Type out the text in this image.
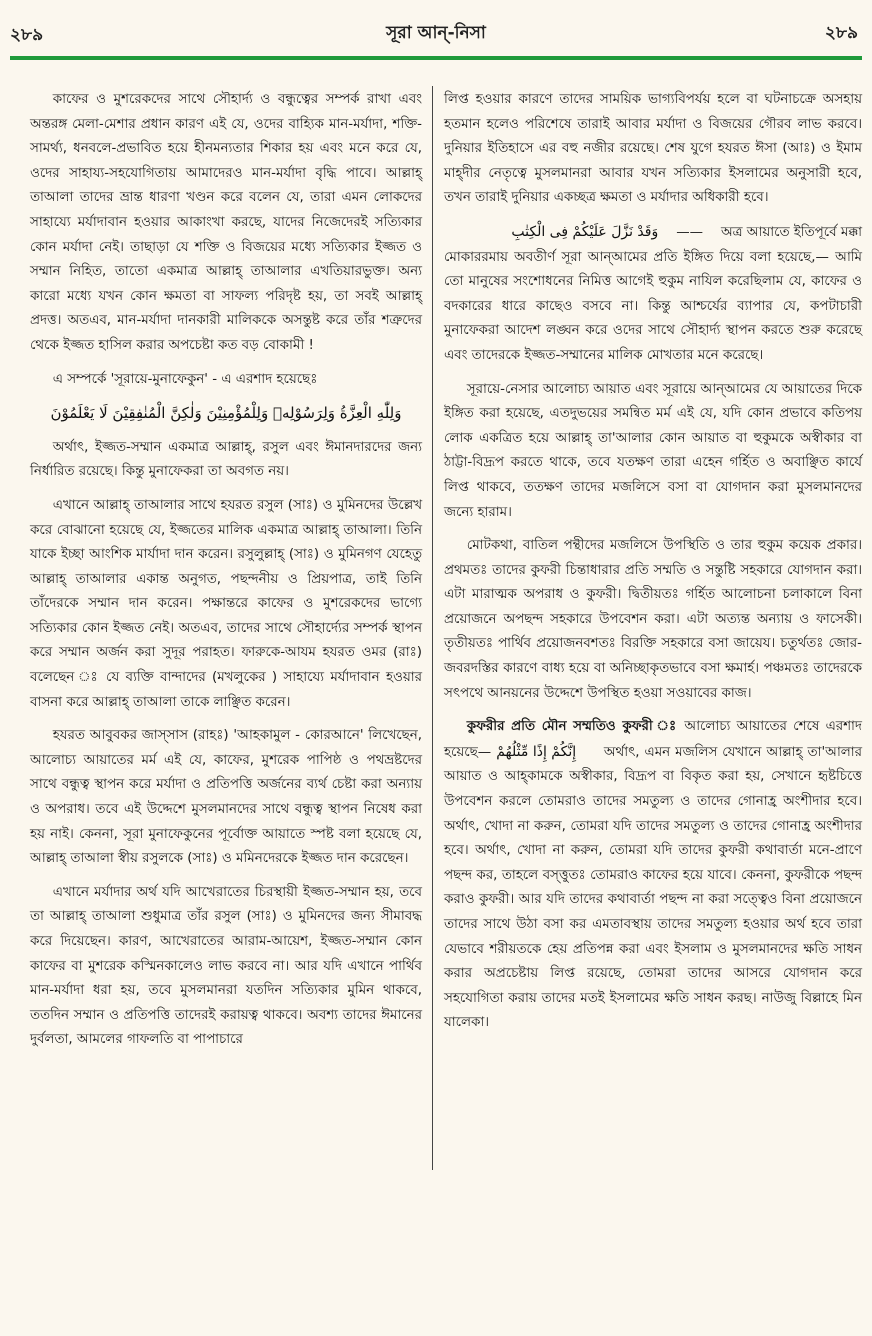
২৮৯	সূরা আন্-নিসা	২৮৯

কাফের ও মুশরেকদের সাথে সৌহার্দ্য ও বন্ধুত্বের সম্পর্ক রাখা এবং অন্তরঙ্গ মেলা-মেশার প্রধান কারণ এই যে, ওদের বাহ্যিক মান-মর্যাদা, শক্তি-সামর্থ্য, ধনবলে-প্রভাবিত হয়ে হীনমন্যতার শিকার হয় এবং মনে করে যে, ওদের সাহায্য-সহযোগিতায় আমাদেরও মান-মর্যাদা বৃদ্ধি পাবে। আল্লাহ্ তাআলা তাদের ভ্রান্ত ধারণা খণ্ডন করে বলেন যে, তারা এমন লোকদের সাহায্যে মর্যাদাবান হওয়ার আকাংখা করছে, যাদের নিজেদেরই সত্যিকার কোন মর্যাদা নেই। তাছাড়া যে শক্তি ও বিজয়ের মধ্যে সত্যিকার ইজ্জত ও সম্মান নিহিত, তাতো একমাত্র আল্লাহ্ তাআলার এখতিয়ারভুক্ত। অন্য কারো মধ্যে যখন কোন ক্ষমতা বা সাফল্য পরিদৃষ্ট হয়, তা সবই আল্লাহ্ প্রদত্ত। অতএব, মান-মর্যাদা দানকারী মালিককে অসন্তুষ্ট করে তাঁর শত্রুদের থেকে ইজ্জত হাসিল করার অপচেষ্টা কত বড় বোকামী !

এ সম্পর্কে 'সূরায়ে-মুনাফেকুন' - এ এরশাদ হয়েছেঃ

وَلِلّٰهِ الْعِزَّةُ وَلِرَسُوْلِهٖ وَلِلْمُؤْمِنِيْنَ وَلٰكِنَّ الْمُنٰفِقِيْنَ لَا يَعْلَمُوْنَ

অর্থাৎ, ইজ্জত-সম্মান একমাত্র আল্লাহ্, রসুল এবং ঈমানদারদের জন্য নির্ধারিত রয়েছে। কিন্তু মুনাফেকরা তা অবগত নয়।

এখানে আল্লাহ্ তাআলার সাথে হযরত রসুল (সাঃ) ও মুমিনদের উল্লেখ করে বোঝানো হয়েছে যে, ইজ্জতের মালিক একমাত্র আল্লাহ্ তাআলা। তিনি যাকে ইচ্ছা আংশিক মার্যাদা দান করেন। রসুলুল্লাহ্ (সাঃ) ও মুমিনগণ যেহেতু আল্লাহ্ তাআলার একান্ত অনুগত, পছন্দনীয় ও প্রিয়পাত্র, তাই তিনি তাঁদেরকে সম্মান দান করেন। পক্ষান্তরে কাফের ও মুশরেকদের ভাগ্যে সত্যিকার কোন ইজ্জত নেই। অতএব, তাদের সাথে সৌহার্দ্যের সম্পর্ক স্থাপন করে সম্মান অর্জন করা সুদূর পরাহত। ফারুকে-আযম হযরত ওমর (রাঃ) বলেছেন ঃ যে ব্যক্তি বান্দাদের (মখলুকের ) সাহায্যে মর্যাদাবান হওয়ার বাসনা করে আল্লাহ্ তাআলা তাকে লাঞ্ছিত করেন।

হযরত আবুবকর জাস্সাস (রাহঃ) 'আহকামুল - কোরআনে' লিখেছেন, আলোচ্য আয়াতের মর্ম এই যে, কাফের, মুশরেক পাপিষ্ঠ ও পথভ্রষ্টদের সাথে বন্ধুত্ব স্থাপন করে মর্যাদা ও প্রতিপত্তি অর্জনের ব্যর্থ চেষ্টা করা অন্যায় ও অপরাধ। তবে এই উদ্দেশে মুসলমানদের সাথে বন্ধুত্ব স্থাপন নিষেধ করা হয় নাই। কেননা, সূরা মুনাফেকুনের পূর্বোক্ত আয়াতে স্পষ্ট বলা হয়েছে যে, আল্লাহ্ তাআলা স্বীয় রসুলকে (সাঃ) ও মমিনদেরকে ইজ্জত দান করেছেন।

এখানে মর্যাদার অর্থ যদি আখেরাতের চিরস্থায়ী ইজ্জত-সম্মান হয়, তবে তা আল্লাহ্ তাআলা শুধুমাত্র তাঁর রসুল (সাঃ) ও মুমিনদের জন্য সীমাবদ্ধ করে দিয়েছেন। কারণ, আখেরাতের আরাম-আয়েশ, ইজ্জত-সম্মান কোন কাফের বা মুশরেক কস্মিনকালেও লাভ করবে না। আর যদি এখানে পার্থিব মান-মর্যাদা ধরা হয়, তবে মুসলমানরা যতদিন সত্যিকার মুমিন থাকবে, ততদিন সম্মান ও প্রতিপত্তি তাদেরই করায়ত্ব থাকবে। অবশ্য তাদের ঈমানের দুর্বলতা, আমলের গাফলতি বা পাপাচারে

লিপ্ত হওয়ার কারণে তাদের সাময়িক ভাগ্যবিপর্যয় হলে বা ঘটনাচক্রে অসহায় হতমান হলেও পরিশেষে তারাই আবার মর্যাদা ও বিজয়ের গৌরব লাভ করবে। দুনিয়ার ইতিহাসে এর বহু নজীর রয়েছে। শেষ যুগে হযরত ঈসা (আঃ) ও ইমাম মাহ্দীর নেতৃত্বে মুসলমানরা আবার যখন সত্যিকার ইসলামের অনুসারী হবে, তখন তারাই দুনিয়ার একচ্ছত্র ক্ষমতা ও মর্যাদার অধিকারী হবে।

وَقَدْ نَزَّلَ عَلَيْكُمْ فِى الْكِتٰبِ —— অত্র আয়াতে ইতিপূর্বে মক্কা

মোকাররমায় অবতীর্ণ সূরা আন্আমের প্রতি ইঙ্গিত দিয়ে বলা হয়েছে,— আমি তো মানুষের সংশোধনের নিমিত্ত আগেই হুকুম নাযিল করেছিলাম যে, কাফের ও বদকারের ধারে কাছেও বসবে না। কিন্তু আশ্চর্যের ব্যাপার যে, কপটাচারী মুনাফেকরা আদেশ লঙ্ঘন করে ওদের সাথে সৌহার্দ্য স্থাপন করতে শুরু করেছে এবং তাদেরকে ইজ্জত-সম্মানের মালিক মোখতার মনে করেছে।

সূরায়ে-নেসার আলোচ্য আয়াত এবং সূরায়ে আন্আমের যে আয়াতের দিকে ইঙ্গিত করা হয়েছে, এতদুভয়ের সমন্বিত মর্ম এই যে, যদি কোন প্রভাবে কতিপয় লোক একত্রিত হয়ে আল্লাহ্ তা'আলার কোন আয়াত বা হুকুমকে অস্বীকার বা ঠাট্টা-বিদ্রূপ করতে থাকে, তবে যতক্ষণ তারা এহেন গর্হিত ও অবাঞ্ছিত কার্যে লিপ্ত থাকবে, ততক্ষণ তাদের মজলিসে বসা বা যোগদান করা মুসলমানদের জন্যে হারাম।

মোটকথা, বাতিল পন্থীদের মজলিসে উপস্থিতি ও তার হুকুম কয়েক প্রকার। প্রথমতঃ তাদের কুফরী চিন্তাধারার প্রতি সম্মতি ও সন্তুষ্টি সহকারে যোগদান করা। এটা মারাত্মক অপরাধ ও কুফরী। দ্বিতীয়তঃ গর্হিত আলোচনা চলাকালে বিনা প্রয়োজনে অপছন্দ সহকারে উপবেশন করা। এটা অত্যন্ত অন্যায় ও ফাসেকী। তৃতীয়তঃ পার্থিব প্রয়োজনবশতঃ বিরক্তি সহকারে বসা জায়েয। চতুর্থতঃ জোর-জবরদস্তির কারণে বাধ্য হয়ে বা অনিচ্ছাকৃতভাবে বসা ক্ষমার্হ। পঞ্চমতঃ তাদেরকে সৎপথে আনয়নের উদ্দেশে উপস্থিত হওয়া সওয়াবের কাজ।

কুফরীর প্রতি মৌন সম্মতিও কুফরী ঃ আলোচ্য আয়াতের শেষে এরশাদ হয়েছে— إِنَّكُمْ إِذًا مِّثْلُهُمْ অর্থাৎ, এমন মজলিস যেখানে আল্লাহ্ তা'আলার আয়াত ও আহ্কামকে অস্বীকার, বিদ্রূপ বা বিকৃত করা হয়, সেখানে হৃষ্টচিত্তে উপবেশন করলে তোমরাও তাদের সমতুল্য ও তাদের গোনাহ্র অংশীদার হবে। অর্থাৎ, খোদা না করুন, তোমরা যদি তাদের সমতুল্য ও তাদের গোনাহ্র অংশীদার হবে। অর্থাৎ, খোদা না করুন, তোমরা যদি তাদের কুফরী কথাবার্তা মনে-প্রাণে পছন্দ কর, তাহলে বস্ত্তুতঃ তোমরাও কাফের হয়ে যাবে। কেননা, কুফরীকে পছন্দ করাও কুফরী। আর যদি তাদের কথাবার্তা পছন্দ না করা সত্ত্বেও বিনা প্রয়োজনে তাদের সাথে উঠা বসা কর এমতাবস্থায় তাদের সমতুল্য হওয়ার অর্থ হবে তারা যেভাবে শরীয়তকে হেয় প্রতিপন্ন করা এবং ইসলাম ও মুসলমানদের ক্ষতি সাধন করার অপ্রচেষ্টায় লিপ্ত রয়েছে, তোমরা তাদের আসরে যোগদান করে সহযোগিতা করায় তাদের মতই ইসলামের ক্ষতি সাধন করছ। নাউজু বিল্লাহে মিন যালেকা।
